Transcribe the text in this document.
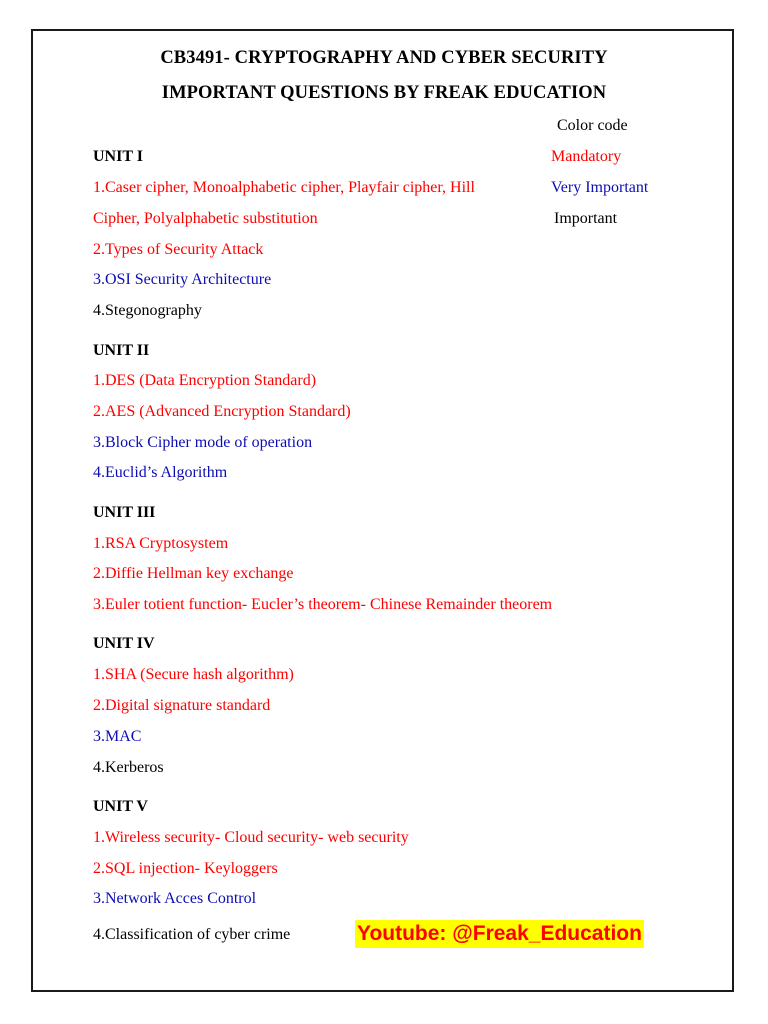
CB3491- CRYPTOGRAPHY AND CYBER SECURITY
IMPORTANT QUESTIONS BY FREAK EDUCATION
Color code
Mandatory
Very Important
Important
UNIT I
1.Caser cipher, Monoalphabetic cipher, Playfair cipher, Hill
Cipher, Polyalphabetic substitution
2.Types of Security Attack
3.OSI Security Architecture
4.Stegonography
UNIT II
1.DES (Data Encryption Standard)
2.AES (Advanced Encryption Standard)
3.Block Cipher mode of operation
4.Euclid’s Algorithm
UNIT III
1.RSA Cryptosystem
2.Diffie Hellman key exchange
3.Euler totient function- Eucler’s theorem- Chinese Remainder theorem
UNIT IV
1.SHA (Secure hash algorithm)
2.Digital signature standard
3.MAC
4.Kerberos
UNIT V
1.Wireless security- Cloud security- web security
2.SQL injection- Keyloggers
3.Network Acces Control
4.Classification of cyber crime	Youtube: @Freak_Education
